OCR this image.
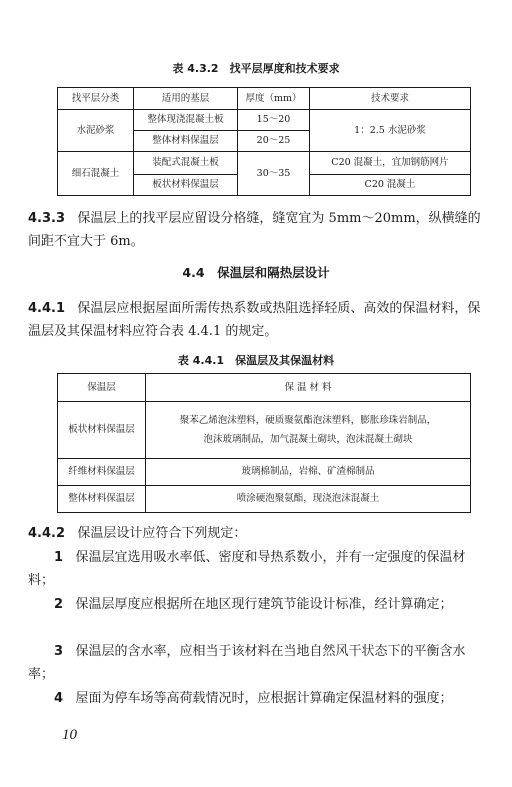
表 4.3.2　找平层厚度和技术要求
找平层分类	适用的基层	厚度（mm）	技术要求
水泥砂浆	整体现浇混凝土板	15～20	1：2.5 水泥砂浆
	整体材料保温层	20～25	
细石混凝土	装配式混凝土板	30～35	C20 混凝土，宜加钢筋网片
	板状材料保温层		C20 混凝土
4.3.3 保温层上的找平层应留设分格缝，缝宽宜为 5mm～20mm，纵横缝的间距不宜大于 6m。
4.4　保温层和隔热层设计
4.4.1 保温层应根据屋面所需传热系数或热阻选择轻质、高效的保温材料，保温层及其保温材料应符合表 4.4.1 的规定。
表 4.4.1　保温层及其保温材料
保温层	保 温 材 料
板状材料保温层	聚苯乙烯泡沫塑料，硬质聚氨酯泡沫塑料，膨胀珍珠岩制品，
泡沫玻璃制品，加气混凝土砌块，泡沫混凝土砌块

纤维材料保温层	玻璃棉制品，岩棉、矿渣棉制品
整体材料保温层	喷涂硬泡聚氨酯，现浇泡沫混凝土
4.4.2 保温层设计应符合下列规定：
1 保温层宜选用吸水率低、密度和导热系数小，并有一定强度的保温材料；
2 保温层厚度应根据所在地区现行建筑节能设计标准，经计算确定；
3 保温层的含水率，应相当于该材料在当地自然风干状态下的平衡含水率；
4 屋面为停车场等高荷载情况时，应根据计算确定保温材料的强度；
10
